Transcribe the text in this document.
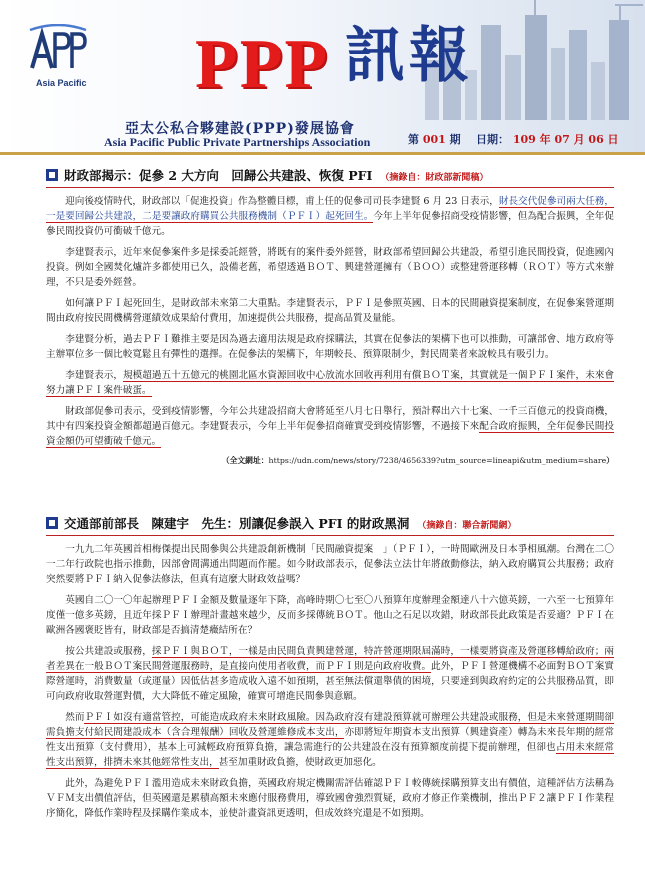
Asia Pacific PPP 訊報
亞太公私合夥建設(PPP)發展協會
Asia Pacific Public Private Partnerships Association	第 001 期 日期： 109 年 07 月 06 日
財政部揭示：促參 2 大方向　回歸公共建設、恢復 PFI （摘錄自：財政部新聞稿）

迎向後疫情時代，財政部以「促進投資」作為整體目標，甫上任的促參司司長李建賢 6 月 23 日表示，財長交代促參司兩大任務，一是要回歸公共建設，二是要讓政府購買公共服務機制（ＰＦＩ）起死回生。今年上半年促參招商受疫情影響，但為配合振興，全年促參民間投資仍可衝破千億元。

李建賢表示，近年來促參案件多是採委託經營，將既有的案件委外經營，財政部希望回歸公共建設，希望引進民間投資，促進國內投資。例如全國焚化爐許多都使用已久，設備老舊，希望透過ＢＯＴ、興建營運擁有（ＢＯＯ）或整建營運移轉（ＲＯＴ）等方式來辦理，不只是委外經營。

如何讓ＰＦＩ起死回生，是財政部未來第二大重點。李建賢表示，ＰＦＩ是參照英國、日本的民間融資提案制度，在促參案營運期間由政府按民間機構營運績效成果給付費用，加速提供公共服務，提高品質及量能。

李建賢分析，過去ＰＦＩ難推主要是因為過去適用法規是政府採購法，其實在促參法的架構下也可以推動，可讓部會、地方政府等主辦單位多一個比較寬鬆且有彈性的選擇。在促參法的架構下，年期較長、預算限制少，對民間業者來說較具有吸引力。

李建賢表示，規模超過五十五億元的桃園北區水資源回收中心放流水回收再利用有償ＢＯＴ案，其實就是一個ＰＦＩ案件，未來會努力讓ＰＦＩ案件破蛋。

財政部促參司表示，受到疫情影響，今年公共建設招商大會將延至八月七日舉行，預計釋出六十七案、一千三百億元的投資商機，其中有四案投資金額都超過百億元。李建賢表示，今年上半年促參招商確實受到疫情影響，不過接下來配合政府振興，全年促參民間投資金額仍可望衝破千億元。

（全文網址：https://udn.com/news/story/7238/4656339?utm_source=lineapi&utm_medium=share）
交通部前部長　陳建宇　先生：別讓促參誤入 PFI 的財政黑洞 （摘錄自：聯合新聞網）

一九九二年英國首相梅傑提出民間參與公共建設創新機制「民間融資提案　」（ＰＦＩ），一時間歐洲及日本爭相風潮。台灣在二〇一二年行政院也指示推動，因部會間溝通出問題而作罷。如今財政部表示，促參法立法廿年將啟動修法，納入政府購買公共服務；政府突然要將ＰＦＩ納入促參法修法，但真有這麼大財政效益嗎？

英國自二〇一〇年起辦理ＰＦＩ金額及數量逐年下降，高峰時期〇七至〇八預算年度辦理金額達八十六億英鎊，一六至一七預算年度僅一億多英鎊，且近年採ＰＦＩ辦理計畫越來越少，反而多採傳統ＢＯＴ。他山之石足以攻錯，財政部長此政策是否妥適？ＰＦＩ在歐洲各國褒貶皆有，財政部是否搞清楚癥結所在？

按公共建設或服務，採ＰＦＩ與ＢＯＴ，一樣是由民間負責興建營運，特許營運期限屆滿時，一樣要將資產及營運移轉給政府；兩者差異在一般ＢＯＴ案民間營運服務時，是直接向使用者收費，而ＰＦＩ則是向政府收費。此外，ＰＦＩ營運機構不必面對ＢＯＴ案實際營運時，消費數量（或運量）因低估甚多造成收入遠不如預期，甚至無法償還舉債的困境，只要達到與政府約定的公共服務品質，即可向政府收取營運對價，大大降低不確定風險，確實可增進民間參與意願。

然而ＰＦＩ如沒有適當管控，可能造成政府未來財政風險。因為政府沒有建設預算就可辦理公共建設或服務，但是未來營運期間卻需負擔支付給民間建設成本（含合理報酬）回收及營運維修成本支出，亦即將短年期資本支出預算（興建資產）轉為未來長年期的經常性支出預算（支付費用），基本上可減輕政府預算負擔，讓急需進行的公共建設在沒有預算額度前提下提前辦理，但卻也占用未來經常性支出預算，排擠未來其他經常性支出，甚至加重財政負擔，使財政更加惡化。

此外，為避免ＰＦＩ濫用造成未來財政負擔，英國政府規定機關需評估確認ＰＦＩ較傳統採購預算支出有價值，這種評估方法稱為ＶＦＭ支出價值評估，但英國還是累積高額未來應付服務費用，導致國會強烈質疑，政府才修正作業機制，推出ＰＦ２讓ＰＦＩ作業程序簡化，降低作業時程及採購作業成本，並使計畫資訊更透明，但成效終究還是不如預期。
